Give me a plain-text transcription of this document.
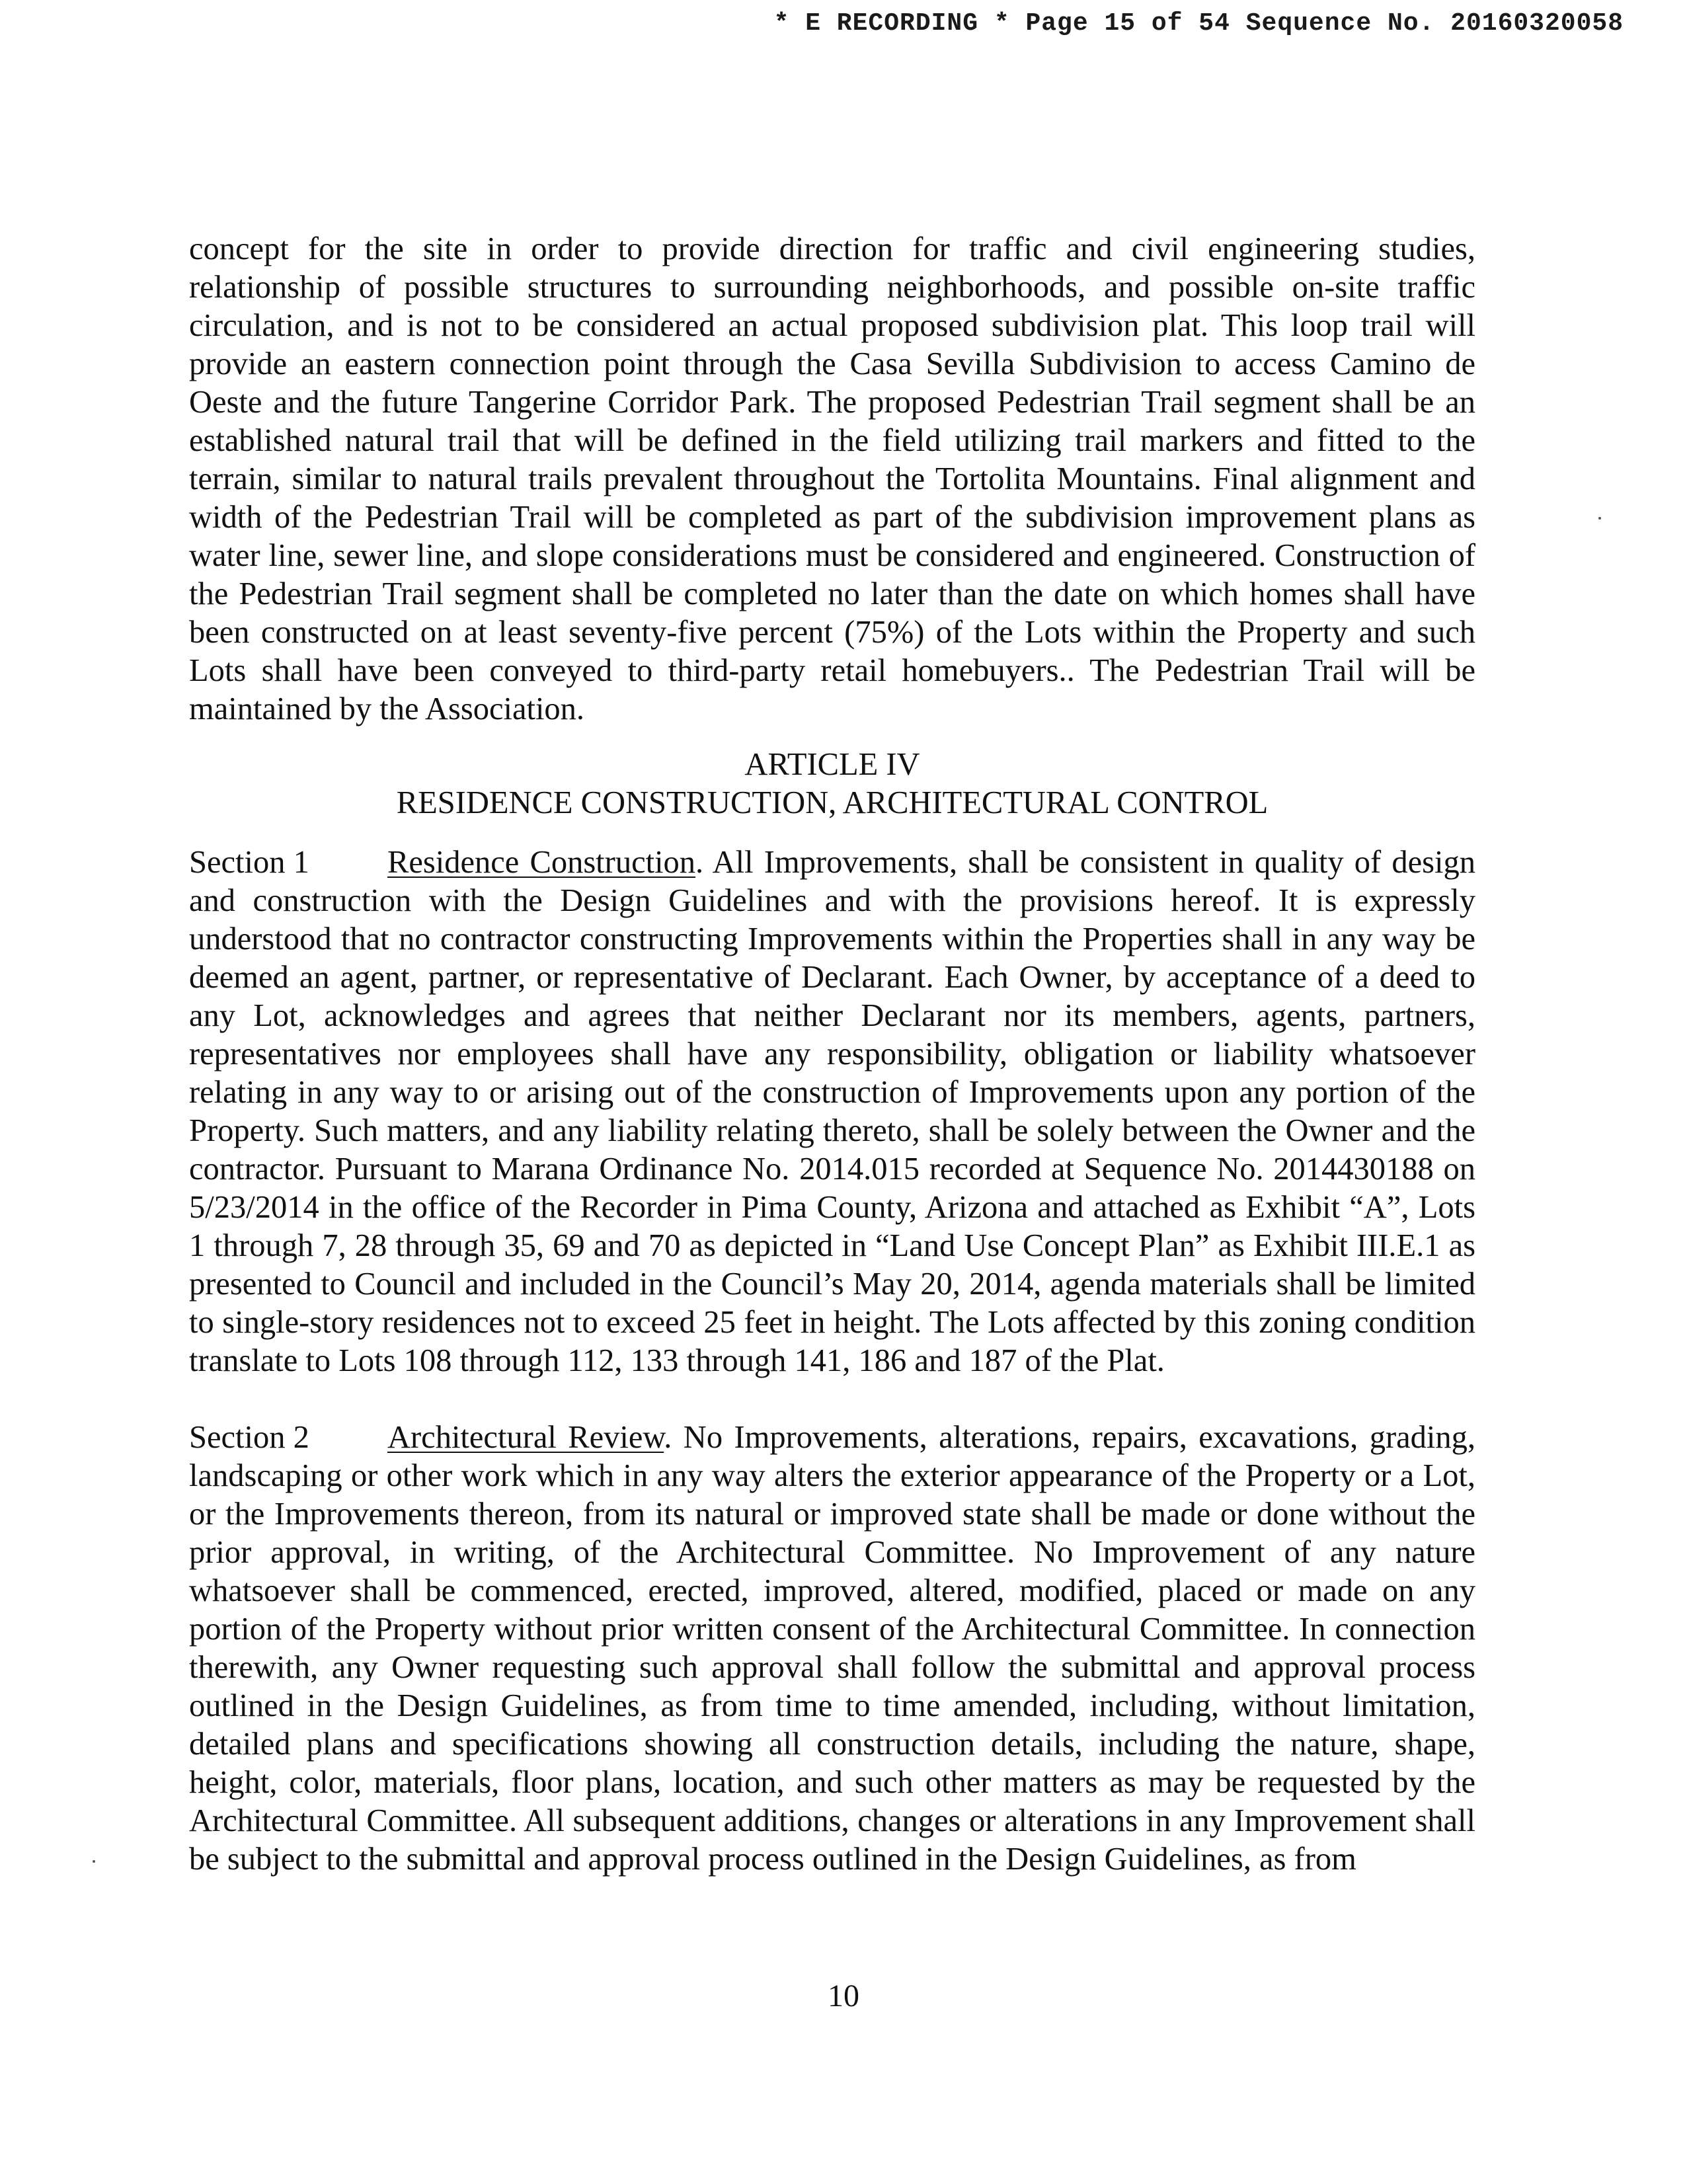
* E RECORDING * Page 15 of 54 Sequence No. 20160320058

concept for the site in order to provide direction for traffic and civil engineering studies, relationship of possible structures to surrounding neighborhoods, and possible on-site traffic circulation, and is not to be considered an actual proposed subdivision plat. This loop trail will provide an eastern connection point through the Casa Sevilla Subdivision to access Camino de Oeste and the future Tangerine Corridor Park. The proposed Pedestrian Trail segment shall be an established natural trail that will be defined in the field utilizing trail markers and fitted to the terrain, similar to natural trails prevalent throughout the Tortolita Mountains. Final alignment and width of the Pedestrian Trail will be completed as part of the subdivision improvement plans as water line, sewer line, and slope considerations must be considered and engineered. Construction of the Pedestrian Trail segment shall be completed no later than the date on which homes shall have been constructed on at least seventy-five percent (75%) of the Lots within the Property and such Lots shall have been conveyed to third-party retail homebuyers.. The Pedestrian Trail will be maintained by the Association.

ARTICLE IV
RESIDENCE CONSTRUCTION, ARCHITECTURAL CONTROL

Section 1 Residence Construction. All Improvements, shall be consistent in quality of design and construction with the Design Guidelines and with the provisions hereof. It is expressly understood that no contractor constructing Improvements within the Properties shall in any way be deemed an agent, partner, or representative of Declarant. Each Owner, by acceptance of a deed to any Lot, acknowledges and agrees that neither Declarant nor its members, agents, partners, representatives nor employees shall have any responsibility, obligation or liability whatsoever relating in any way to or arising out of the construction of Improvements upon any portion of the Property. Such matters, and any liability relating thereto, shall be solely between the Owner and the contractor. Pursuant to Marana Ordinance No. 2014.015 recorded at Sequence No. 2014430188 on 5/23/2014 in the office of the Recorder in Pima County, Arizona and attached as Exhibit “A”, Lots 1 through 7, 28 through 35, 69 and 70 as depicted in “Land Use Concept Plan” as Exhibit III.E.1 as presented to Council and included in the Council’s May 20, 2014, agenda materials shall be limited to single-story residences not to exceed 25 feet in height. The Lots affected by this zoning condition translate to Lots 108 through 112, 133 through 141, 186 and 187 of the Plat.

Section 2 Architectural Review. No Improvements, alterations, repairs, excavations, grading, landscaping or other work which in any way alters the exterior appearance of the Property or a Lot, or the Improvements thereon, from its natural or improved state shall be made or done without the prior approval, in writing, of the Architectural Committee. No Improvement of any nature whatsoever shall be commenced, erected, improved, altered, modified, placed or made on any portion of the Property without prior written consent of the Architectural Committee. In connection therewith, any Owner requesting such approval shall follow the submittal and approval process outlined in the Design Guidelines, as from time to time amended, including, without limitation, detailed plans and specifications showing all construction details, including the nature, shape, height, color, materials, floor plans, location, and such other matters as may be requested by the Architectural Committee. All subsequent additions, changes or alterations in any Improvement shall be subject to the submittal and approval process outlined in the Design Guidelines, as from

10
